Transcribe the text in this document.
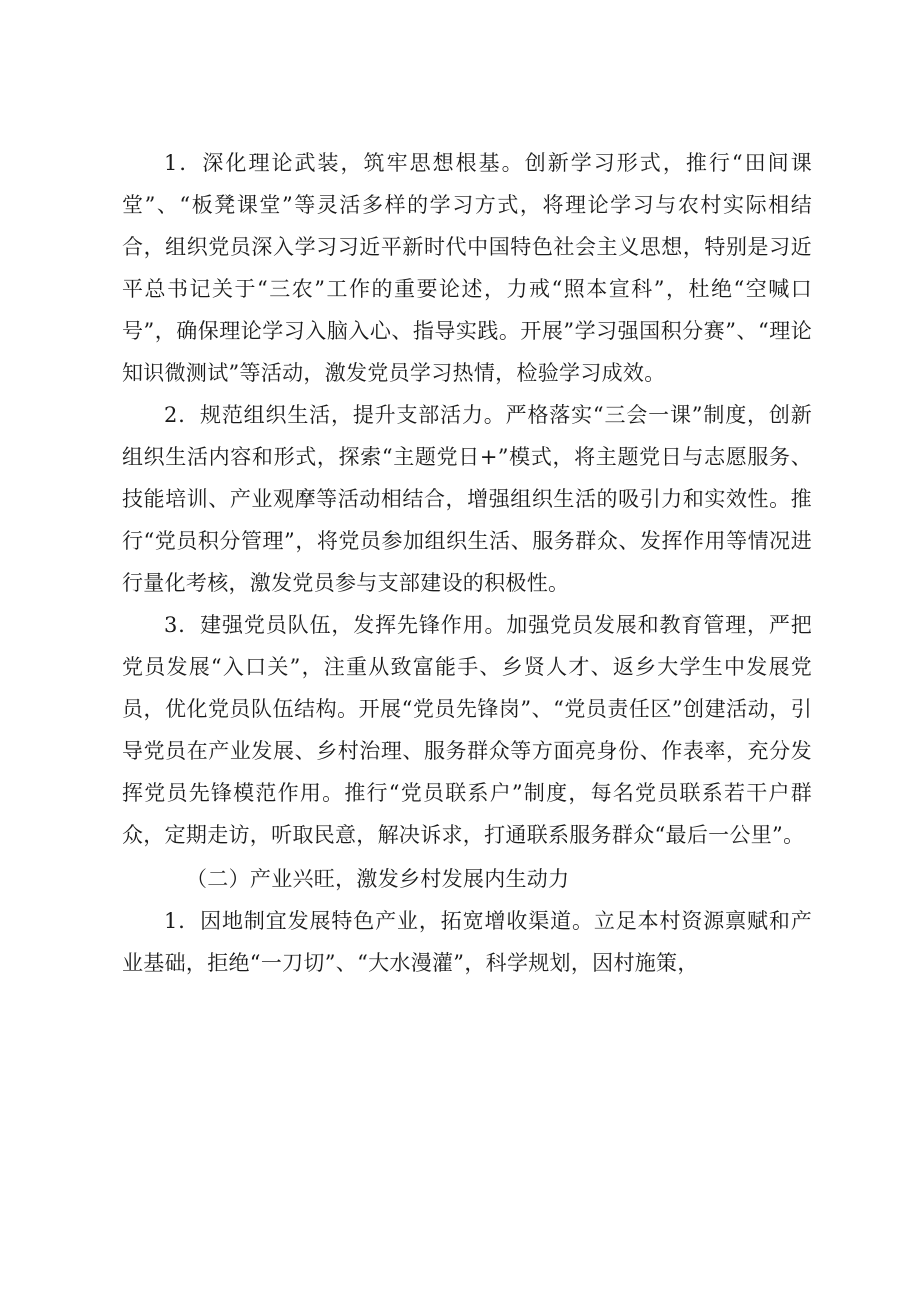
1．深化理论武装，筑牢思想根基。创新学习形式，推行“田间课堂”、“板凳课堂”等灵活多样的学习方式，将理论学习与农村实际相结合，组织党员深入学习习近平新时代中国特色社会主义思想，特别是习近平总书记关于“三农”工作的重要论述，力戒“照本宣科”，杜绝“空喊口号”，确保理论学习入脑入心、指导实践。开展”学习强国积分赛”、“理论知识微测试”等活动，激发党员学习热情，检验学习成效。

2．规范组织生活，提升支部活力。严格落实“三会一课”制度，创新组织生活内容和形式，探索“主题党日+”模式，将主题党日与志愿服务、技能培训、产业观摩等活动相结合，增强组织生活的吸引力和实效性。推行“党员积分管理”，将党员参加组织生活、服务群众、发挥作用等情况进行量化考核，激发党员参与支部建设的积极性。

3．建强党员队伍，发挥先锋作用。加强党员发展和教育管理，严把党员发展“入口关”，注重从致富能手、乡贤人才、返乡大学生中发展党员，优化党员队伍结构。开展“党员先锋岗”、“党员责任区”创建活动，引导党员在产业发展、乡村治理、服务群众等方面亮身份、作表率，充分发挥党员先锋模范作用。推行“党员联系户”制度，每名党员联系若干户群众，定期走访，听取民意，解决诉求，打通联系服务群众“最后一公里”。

（二）产业兴旺，激发乡村发展内生动力

1．因地制宜发展特色产业，拓宽增收渠道。立足本村资源禀赋和产业基础，拒绝“一刀切”、“大水漫灌”，科学规划，因村施策，
